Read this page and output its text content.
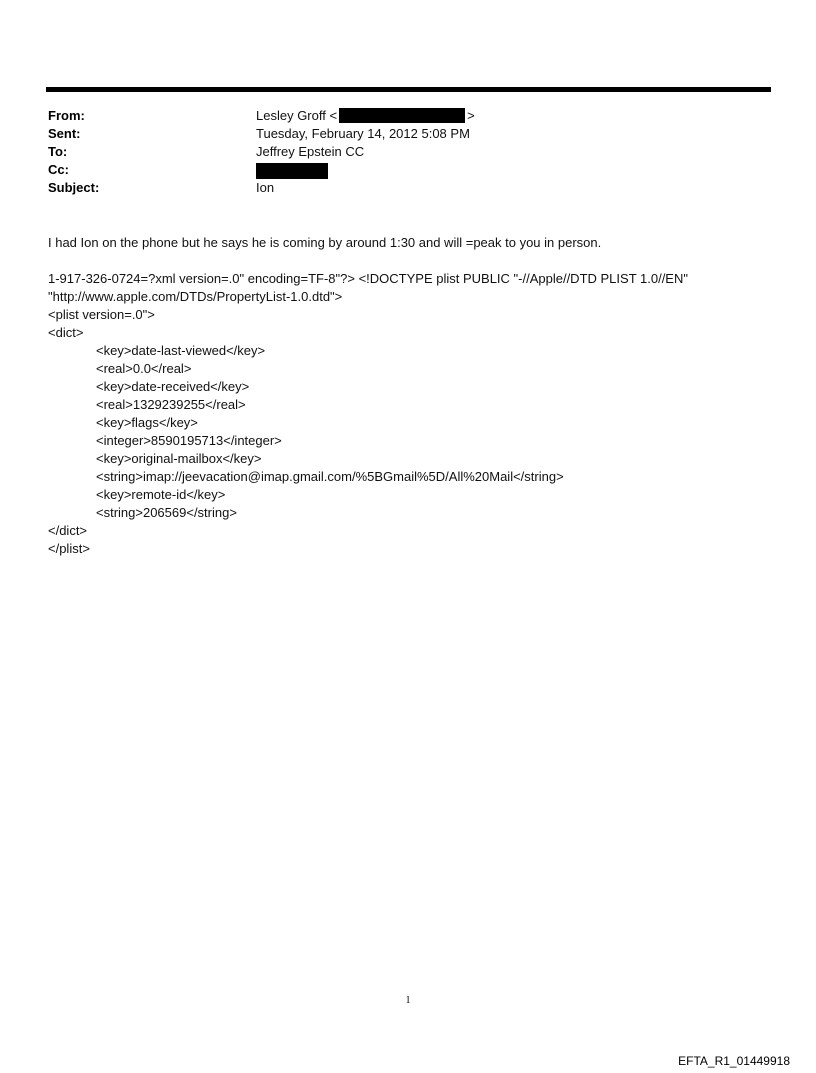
From:	Lesley Groff <	>
Sent:	Tuesday, February 14, 2012 5:08 PM
To:	Jeffrey Epstein CC
Cc:
Subject:	Ion

I had Ion on the phone but he says he is coming by around 1:30 and will =peak to you in person.

1-917-326-0724=?xml version=.0" encoding=TF-8"?> <!DOCTYPE plist PUBLIC "-//Apple//DTD PLIST 1.0//EN"
"http://www.apple.com/DTDs/PropertyList-1.0.dtd">
<plist version=.0">
<dict>
<key>date-last-viewed</key>
<real>0.0</real>
<key>date-received</key>
<real>1329239255</real>
<key>flags</key>
<integer>8590195713</integer>
<key>original-mailbox</key>
<string>imap://jeevacation@imap.gmail.com/%5BGmail%5D/All%20Mail</string>
<key>remote-id</key>
<string>206569</string>
</dict>
</plist>
1
EFTA_R1_01449918
